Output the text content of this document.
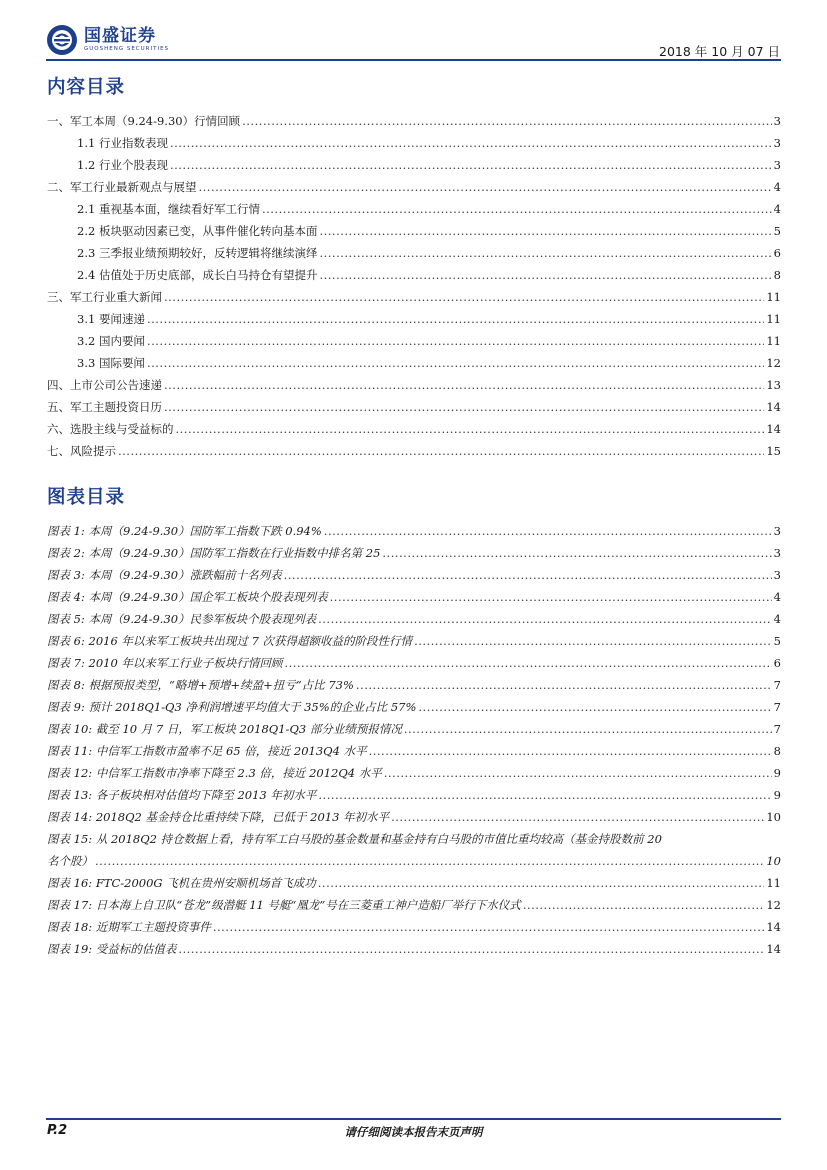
国盛证券
GUOSHENG SECURITIES	2018 年 10 月 07 日
内容目录
一、军工本周（9.24-9.30）行情回顾 .....	3
1.1 行业指数表现 .....	3
1.2 行业个股表现 .....	3
二、军工行业最新观点与展望 .....	4
2.1 重视基本面，继续看好军工行情 .....	4
2.2 板块驱动因素已变，从事件催化转向基本面 .....	5
2.3 三季报业绩预期较好，反转逻辑将继续演绎 .....	6
2.4 估值处于历史底部，成长白马持仓有望提升 .....	8
三、军工行业重大新闻 .....	11
3.1 要闻速递 .....	11
3.2 国内要闻 .....	11
3.3 国际要闻 .....	12
四、上市公司公告速递 .....	13
五、军工主题投资日历 .....	14
六、选股主线与受益标的 .....	14
七、风险提示 .....	15
图表目录
图表 1: 本周（9.24-9.30）国防军工指数下跌 0.94% .....	3
图表 2: 本周（9.24-9.30）国防军工指数在行业指数中排名第 25 .....	3
图表 3: 本周（9.24-9.30）涨跌幅前十名列表 .....	3
图表 4: 本周（9.24-9.30）国企军工板块个股表现列表 .....	4
图表 5: 本周（9.24-9.30）民参军板块个股表现列表 .....	4
图表 6: 2016 年以来军工板块共出现过 7 次获得超额收益的阶段性行情 .....	5
图表 7: 2010 年以来军工行业子板块行情回顾 .....	6
图表 8: 根据预报类型，“略增+预增+续盈+扭亏”占比 73% .....	7
图表 9: 预计 2018Q1-Q3 净利润增速平均值大于 35%的企业占比 57% .....	7
图表 10: 截至 10 月 7 日，军工板块 2018Q1-Q3 部分业绩预报情况 .....	7
图表 11: 中信军工指数市盈率不足 65 倍，接近 2013Q4 水平 .....	8
图表 12: 中信军工指数市净率下降至 2.3 倍，接近 2012Q4 水平 .....	9
图表 13: 各子板块相对估值均下降至 2013 年初水平 .....	9
图表 14: 2018Q2 基金持仓比重持续下降，已低于 2013 年初水平 .....	10
图表 15: 从 2018Q2 持仓数据上看，持有军工白马股的基金数量和基金持有白马股的市值比重均较高（基金持股数前 20
名个股） .....	10
图表 16: FTC-2000G 飞机在贵州安顺机场首飞成功 .....	11
图表 17: 日本海上自卫队“苍龙”级潜艇 11 号艇“凰龙”号在三菱重工神户造船厂举行下水仪式 .....	12
图表 18: 近期军工主题投资事件 .....	14
图表 19: 受益标的估值表 .....	14
P.2	请仔细阅读本报告末页声明
